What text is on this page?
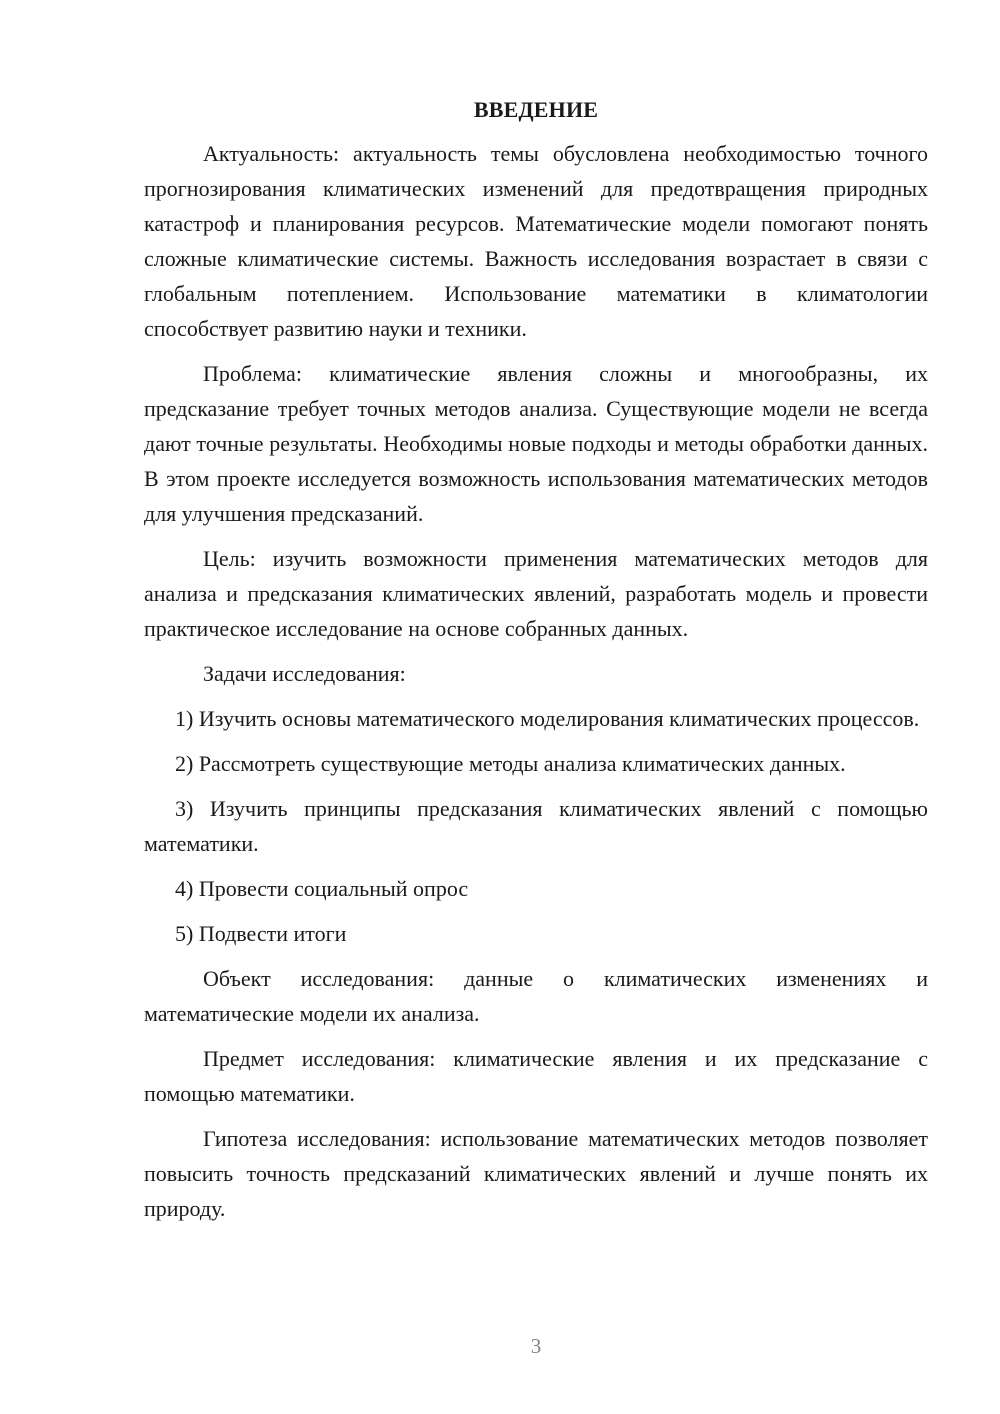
ВВЕДЕНИЕ

Актуальность: актуальность темы обусловлена необходимостью точного прогнозирования климатических изменений для предотвращения природных катастроф и планирования ресурсов. Математические модели помогают понять сложные климатические системы. Важность исследования возрастает в связи с глобальным потеплением. Использование математики в климатологии способствует развитию науки и техники.

Проблема: климатические явления сложны и многообразны, их предсказание требует точных методов анализа. Существующие модели не всегда дают точные результаты. Необходимы новые подходы и методы обработки данных. В этом проекте исследуется возможность использования математических методов для улучшения предсказаний.

Цель: изучить возможности применения математических методов для анализа и предсказания климатических явлений, разработать модель и провести практическое исследование на основе собранных данных.

Задачи исследования:

1) Изучить основы математического моделирования климатических процессов.

2) Рассмотреть существующие методы анализа климатических данных.

3) Изучить принципы предсказания климатических явлений с помощью математики.

4) Провести социальный опрос

5) Подвести итоги

Объект исследования: данные о климатических изменениях и математические модели их анализа.

Предмет исследования: климатические явления и их предсказание с помощью математики.

Гипотеза исследования: использование математических методов позволяет повысить точность предсказаний климатических явлений и лучше понять их природу.

3
